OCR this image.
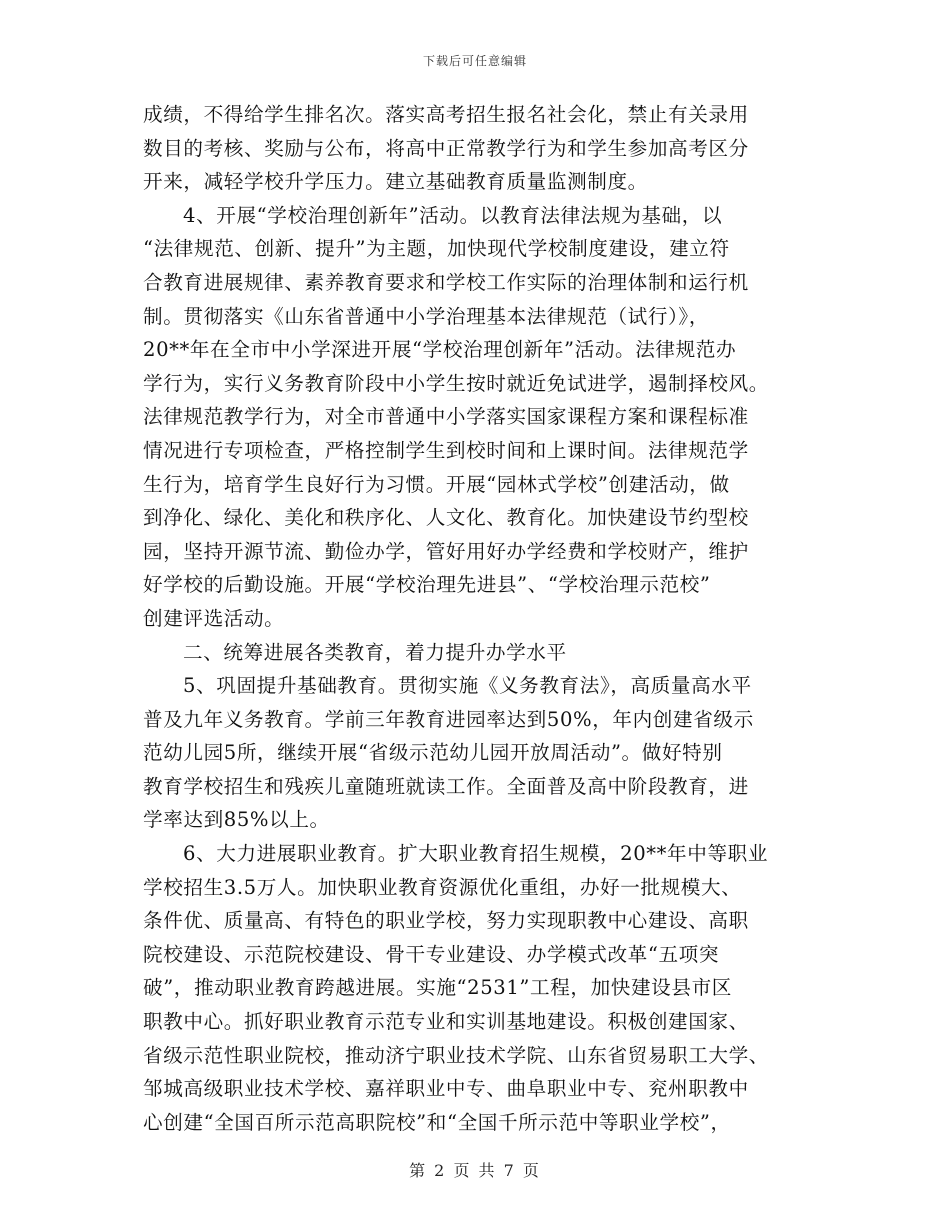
下载后可任意编辑
成绩，不得给学生排名次。落实高考招生报名社会化，禁止有关录用
数目的考核、奖励与公布，将高中正常教学行为和学生参加高考区分
开来，减轻学校升学压力。建立基础教育质量监测制度。
4、开展“学校治理创新年”活动。以教育法律法规为基础，以
“法律规范、创新、提升”为主题，加快现代学校制度建设，建立符
合教育进展规律、素养教育要求和学校工作实际的治理体制和运行机
制。贯彻落实《山东省普通中小学治理基本法律规范（试行）》，
20**年在全市中小学深进开展“学校治理创新年”活动。法律规范办
学行为，实行义务教育阶段中小学生按时就近免试进学，遏制择校风。
法律规范教学行为，对全市普通中小学落实国家课程方案和课程标准
情况进行专项检查，严格控制学生到校时间和上课时间。法律规范学
生行为，培育学生良好行为习惯。开展“园林式学校”创建活动，做
到净化、绿化、美化和秩序化、人文化、教育化。加快建设节约型校
园，坚持开源节流、勤俭办学，管好用好办学经费和学校财产，维护
好学校的后勤设施。开展“学校治理先进县”、“学校治理示范校”
创建评选活动。
二、统筹进展各类教育，着力提升办学水平
5、巩固提升基础教育。贯彻实施《义务教育法》，高质量高水平
普及九年义务教育。学前三年教育进园率达到50%，年内创建省级示
范幼儿园5所，继续开展“省级示范幼儿园开放周活动”。做好特别
教育学校招生和残疾儿童随班就读工作。全面普及高中阶段教育，进
学率达到85%以上。
6、大力进展职业教育。扩大职业教育招生规模，20**年中等职业
学校招生3.5万人。加快职业教育资源优化重组，办好一批规模大、
条件优、质量高、有特色的职业学校，努力实现职教中心建设、高职
院校建设、示范院校建设、骨干专业建设、办学模式改革“五项突
破”，推动职业教育跨越进展。实施“2531”工程，加快建设县市区
职教中心。抓好职业教育示范专业和实训基地建设。积极创建国家、
省级示范性职业院校，推动济宁职业技术学院、山东省贸易职工大学、
邹城高级职业技术学校、嘉祥职业中专、曲阜职业中专、兖州职教中
心创建“全国百所示范高职院校”和“全国千所示范中等职业学校”，
第 2 页 共 7 页
